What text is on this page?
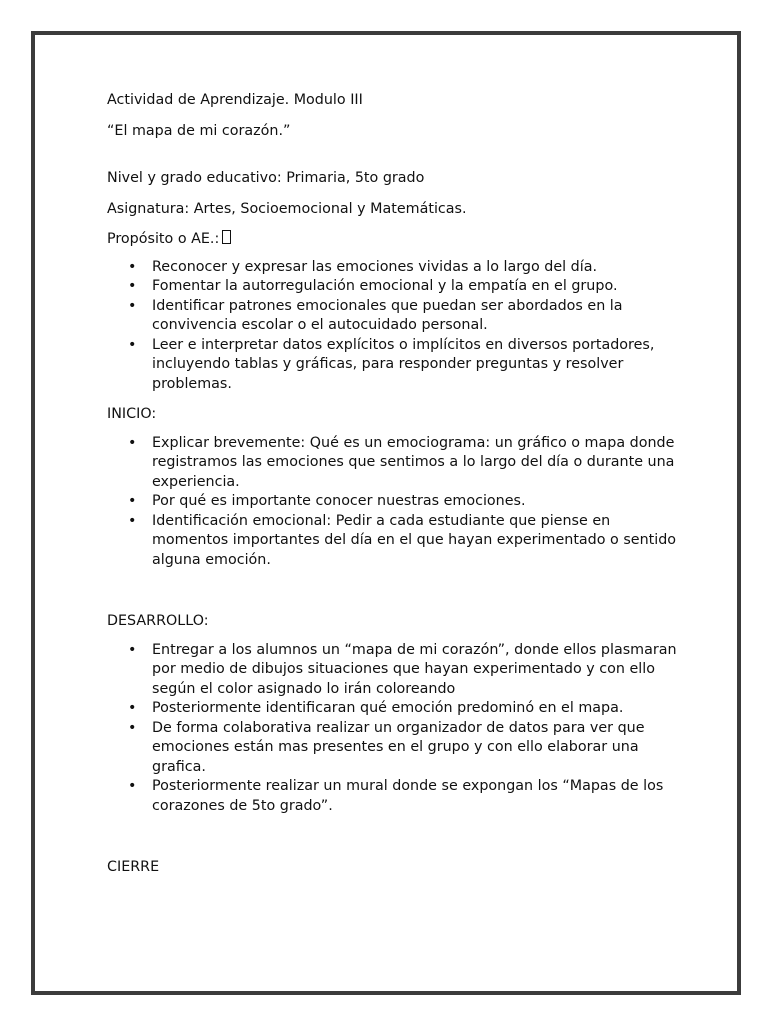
Actividad de Aprendizaje. Modulo III

“El mapa de mi corazón.”

Nivel y grado educativo: Primaria, 5to grado

Asignatura: Artes, Socioemocional y Matemáticas.

Propósito o AE.:

• Reconocer y expresar las emociones vividas a lo largo del día.
• Fomentar la autorregulación emocional y la empatía en el grupo.
• Identificar patrones emocionales que puedan ser abordados en la convivencia escolar o el autocuidado personal.
• Leer e interpretar datos explícitos o implícitos en diversos portadores, incluyendo tablas y gráficas, para responder preguntas y resolver problemas.

INICIO:

• Explicar brevemente: Qué es un emociograma: un gráfico o mapa donde registramos las emociones que sentimos a lo largo del día o durante una experiencia.
• Por qué es importante conocer nuestras emociones.
• Identificación emocional: Pedir a cada estudiante que piense en momentos importantes del día en el que hayan experimentado o sentido alguna emoción.

DESARROLLO:

• Entregar a los alumnos un “mapa de mi corazón”, donde ellos plasmaran por medio de dibujos situaciones que hayan experimentado y con ello según el color asignado lo irán coloreando
• Posteriormente identificaran qué emoción predominó en el mapa.
• De forma colaborativa realizar un organizador de datos para ver que emociones están mas presentes en el grupo y con ello elaborar una grafica.
• Posteriormente realizar un mural donde se expongan los “Mapas de los corazones de 5to grado”.

CIERRE
